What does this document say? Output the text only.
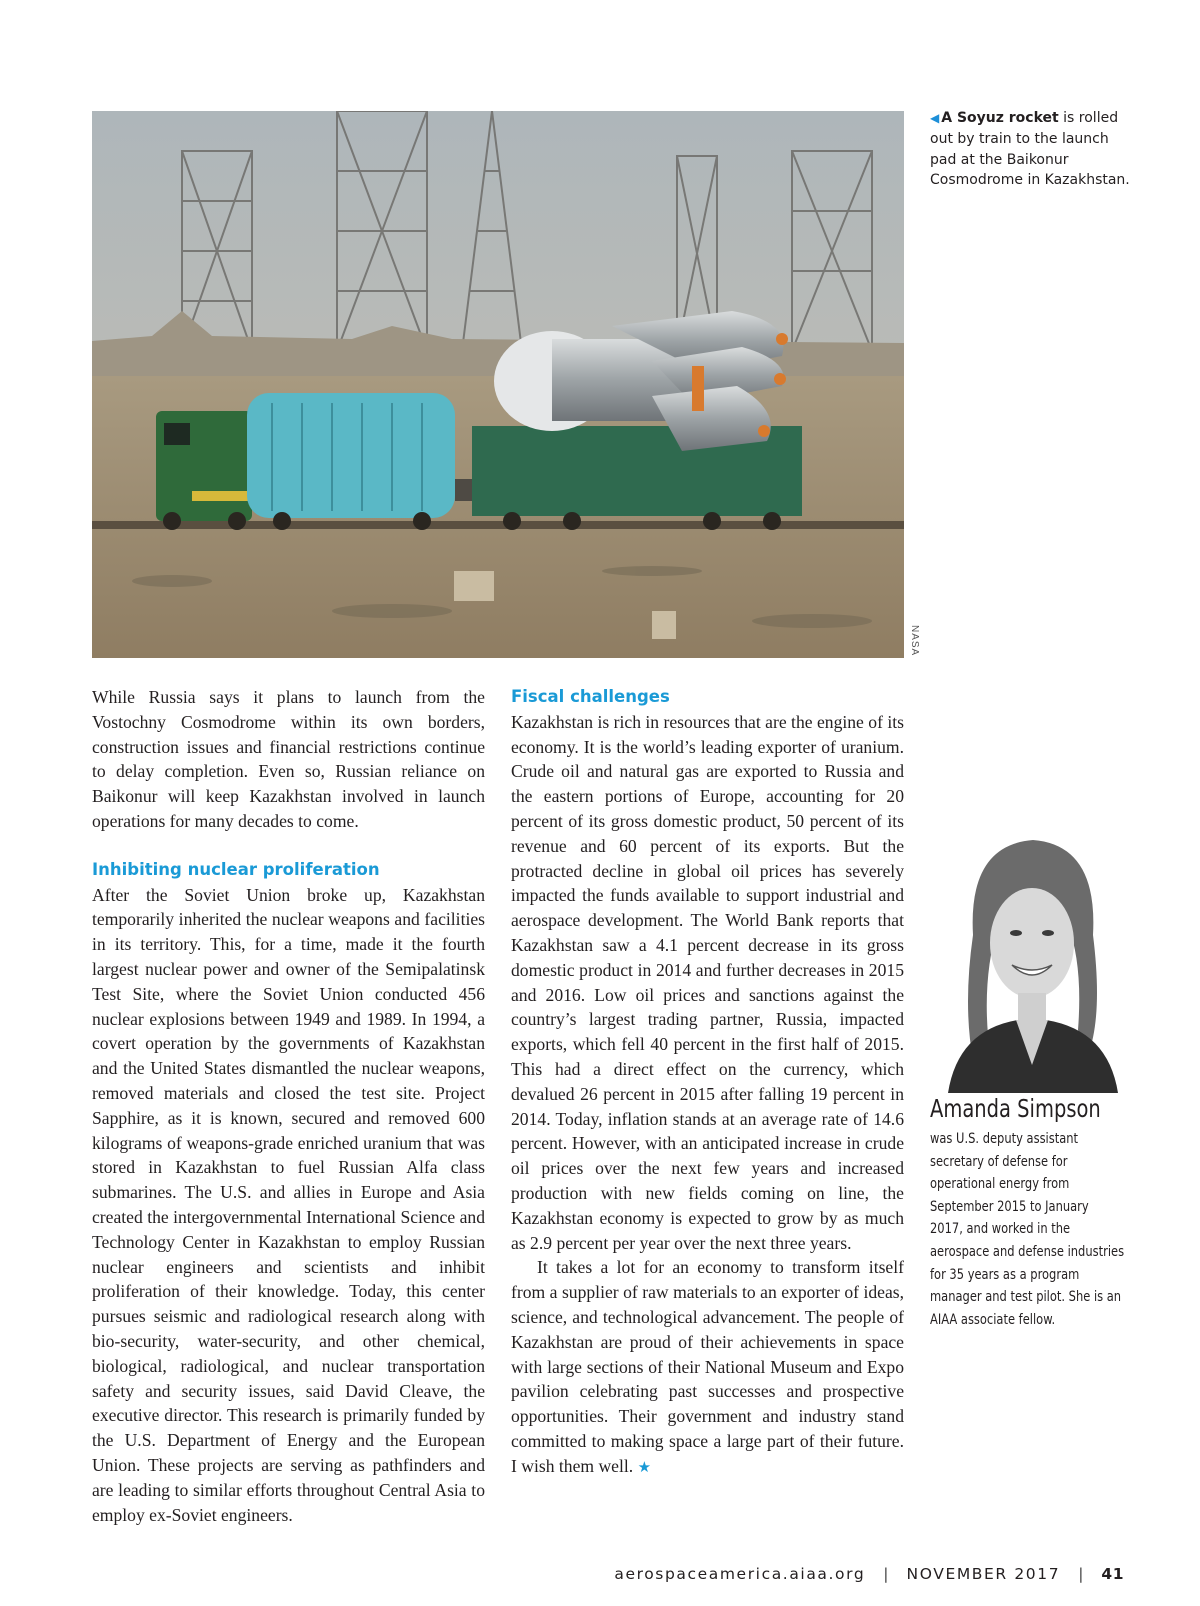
NASA
◀ A Soyuz rocket is rolled out by train to the launch pad at the Baikonur Cosmodrome in Kazakhstan.

While Russia says it plans to launch from the Vostochny Cosmodrome within its own borders, construction issues and financial restrictions continue to delay completion. Even so, Russian reliance on Baikonur will keep Kazakhstan involved in launch operations for many decades to come.

Inhibiting nuclear proliferation

After the Soviet Union broke up, Kazakhstan temporarily inherited the nuclear weapons and facilities in its territory. This, for a time, made it the fourth largest nuclear power and owner of the Semipalatinsk Test Site, where the Soviet Union conducted 456 nuclear explosions between 1949 and 1989. In 1994, a covert operation by the governments of Kazakhstan and the United States dismantled the nuclear weapons, removed materials and closed the test site. Project Sapphire, as it is known, secured and removed 600 kilograms of weapons-grade enriched uranium that was stored in Kazakhstan to fuel Russian Alfa class submarines. The U.S. and allies in Europe and Asia created the intergovernmental International Science and Technology Center in Kazakhstan to employ Russian nuclear engineers and scientists and inhibit proliferation of their knowledge. Today, this center pursues seismic and radiological research along with bio-security, water-security, and other chemical, biological, radiological, and nuclear transportation safety and security issues, said David Cleave, the executive director. This research is primarily funded by the U.S. Department of Energy and the European Union. These projects are serving as pathfinders and are leading to similar efforts throughout Central Asia to employ ex-Soviet engineers.

Fiscal challenges

Kazakhstan is rich in resources that are the engine of its economy. It is the world’s leading exporter of uranium. Crude oil and natural gas are exported to Russia and the eastern portions of Europe, accounting for 20 percent of its gross domestic product, 50 percent of its revenue and 60 percent of its exports. But the protracted decline in global oil prices has severely impacted the funds available to support industrial and aerospace development. The World Bank reports that Kazakhstan saw a 4.1 percent decrease in its gross domestic product in 2014 and further decreases in 2015 and 2016. Low oil prices and sanctions against the country’s largest trading partner, Russia, impacted exports, which fell 40 percent in the first half of 2015. This had a direct effect on the currency, which devalued 26 percent in 2015 after falling 19 percent in 2014. Today, inflation stands at an average rate of 14.6 percent. However, with an anticipated increase in crude oil prices over the next few years and increased production with new fields coming on line, the Kazakhstan economy is expected to grow by as much as 2.9 percent per year over the next three years.

It takes a lot for an economy to transform itself from a supplier of raw materials to an exporter of ideas, science, and technological advancement. The people of Kazakhstan are proud of their achievements in space with large sections of their National Museum and Expo pavilion celebrating past successes and prospective opportunities. Their government and industry stand committed to making space a large part of their future. I wish them well. ★

Amanda Simpson
was U.S. deputy assistant secretary of defense for operational energy from September 2015 to January 2017, and worked in the aerospace and defense industries for 35 years as a program manager and test pilot. She is an AIAA associate fellow.
aerospaceamerica.aiaa.org | NOVEMBER 2017 | 41
